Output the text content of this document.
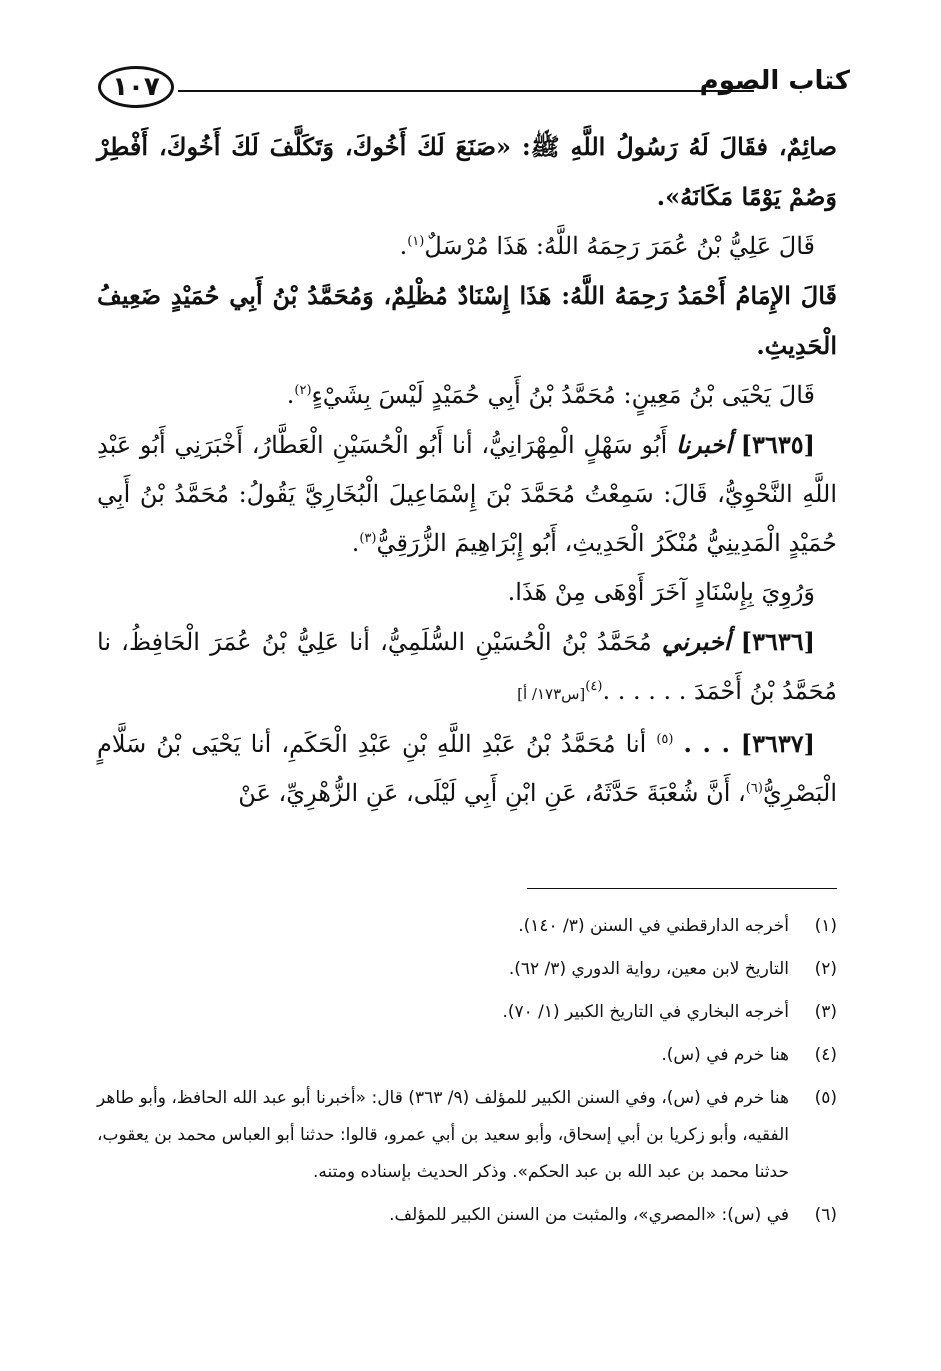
كتاب الصوم
١٠٧

صائِمٌ، فقَالَ لَهُ رَسُولُ اللَّهِ ﷺ: «صَنَعَ لَكَ أَخُوكَ، وَتَكَلَّفَ لَكَ أَخُوكَ، أَفْطِرْ وَصُمْ يَوْمًا مَكَانَهُ».

قَالَ عَلِيُّ بْنُ عُمَرَ رَحِمَهُ اللَّهُ: هَذَا مُرْسَلٌ$^{(١)}$.

قَالَ الإِمَامُ أَحْمَدُ رَحِمَهُ اللَّهُ: هَذَا إِسْنَادٌ مُظْلِمٌ، وَمُحَمَّدُ بْنُ أَبِي حُمَيْدٍ ضَعِيفُ الْحَدِيثِ.

قَالَ يَحْيَى بْنُ مَعِينٍ: مُحَمَّدُ بْنُ أَبِي حُمَيْدٍ لَيْسَ بِشَيْءٍ$^{(٢)}$.

[٣٦٣٥] أخبرنا أَبُو سَهْلٍ الْمِهْرَانِيُّ، أنا أَبُو الْحُسَيْنِ الْعَطَّارُ، أَخْبَرَنِي أَبُو عَبْدِ اللَّهِ النَّحْوِيُّ، قَالَ: سَمِعْتُ مُحَمَّدَ بْنَ إِسْمَاعِيلَ الْبُخَارِيَّ يَقُولُ: مُحَمَّدُ بْنُ أَبِي حُمَيْدٍ الْمَدِينِيُّ مُنْكَرُ الْحَدِيثِ، أَبُو إِبْرَاهِيمَ الزُّرَقِيُّ$^{(٣)}$.

وَرُوِيَ بِإِسْنَادٍ آخَرَ أَوْهَى مِنْ هَذَا.

[٣٦٣٦] أخبرني مُحَمَّدُ بْنُ الْحُسَيْنِ السُّلَمِيُّ، أنا عَلِيُّ بْنُ عُمَرَ الْحَافِظُ، نا مُحَمَّدُ بْنُ أَحْمَدَ . . . . . .$^{(٤)}$[س١٧٣/ أ]

[٣٦٣٧] . . . $^{(٥)}$ أنا مُحَمَّدُ بْنُ عَبْدِ اللَّهِ بْنِ عَبْدِ الْحَكَمِ، أنا يَحْيَى بْنُ سَلَّامٍ الْبَصْرِيُّ$^{(٦)}$، أَنَّ شُعْبَةَ حَدَّثَهُ، عَنِ ابْنِ أَبِي لَيْلَى، عَنِ الزُّهْرِيِّ، عَنْ

(١)
أخرجه الدارقطني في السنن (٣/ ١٤٠).
(٢)
التاريخ لابن معين، رواية الدوري (٣/ ٦٢).
(٣)
أخرجه البخاري في التاريخ الكبير (١/ ٧٠).
(٤)
هنا خرم في (س).
(٥)
هنا خرم في (س)، وفي السنن الكبير للمؤلف (٩/ ٣٦٣) قال: «أخبرنا أبو عبد الله الحافظ، وأبو طاهر الفقيه، وأبو زكريا بن أبي إسحاق، وأبو سعيد بن أبي عمرو، قالوا: حدثنا أبو العباس محمد بن يعقوب، حدثنا محمد بن عبد الله بن عبد الحكم». وذكر الحديث بإسناده ومتنه.
(٦)
في (س): «المصري»، والمثبت من السنن الكبير للمؤلف.
